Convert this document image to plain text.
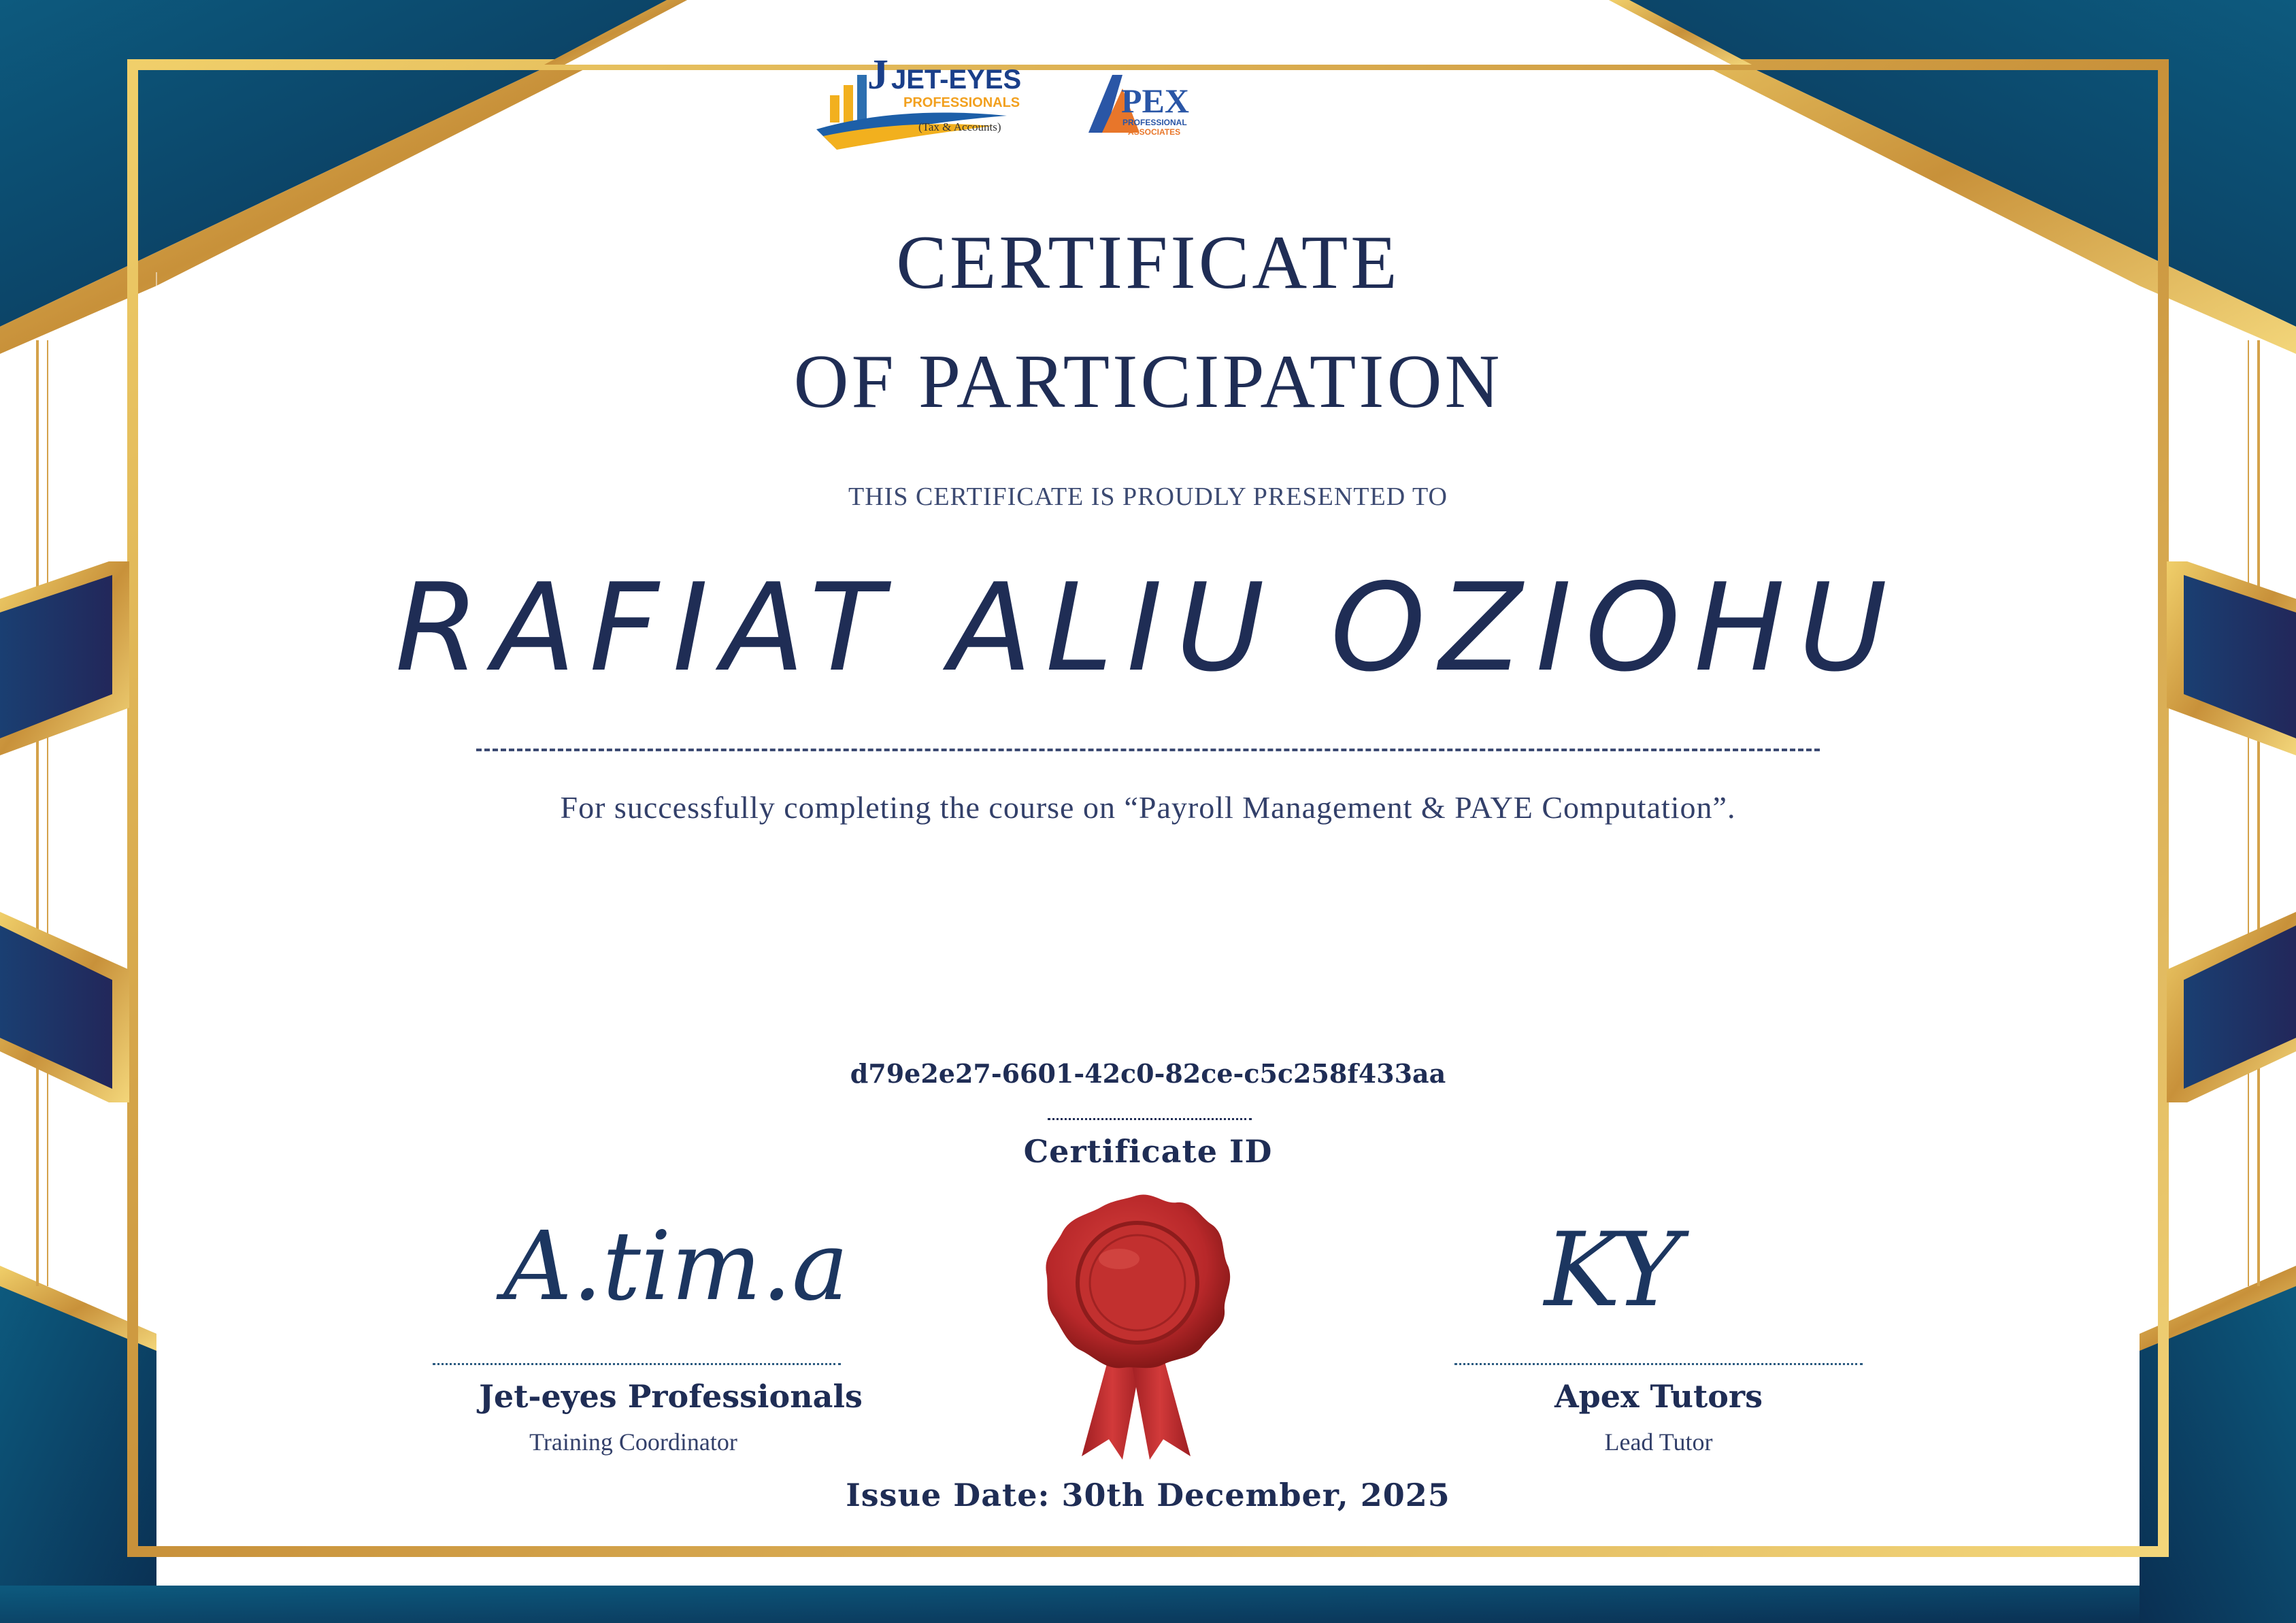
J JET-EYES
PROFESSIONALS
(Tax & Accounts)
PEX
PROFESSIONAL
ASSOCIATES
CERTIFICATE
OF PARTICIPATION

THIS CERTIFICATE IS PROUDLY PRESENTED TO

RAFIAT ALIU OZIOHU

For successfully completing the course on “Payroll Management & PAYE Computation”.

d79e2e27-6601-42c0-82ce-c5c258f433aa
Certificate ID
A.tim.a
Jet-eyes Professionals
Training Coordinator
KY
Apex Tutors
Lead Tutor
Issue Date: 30th December, 2025
